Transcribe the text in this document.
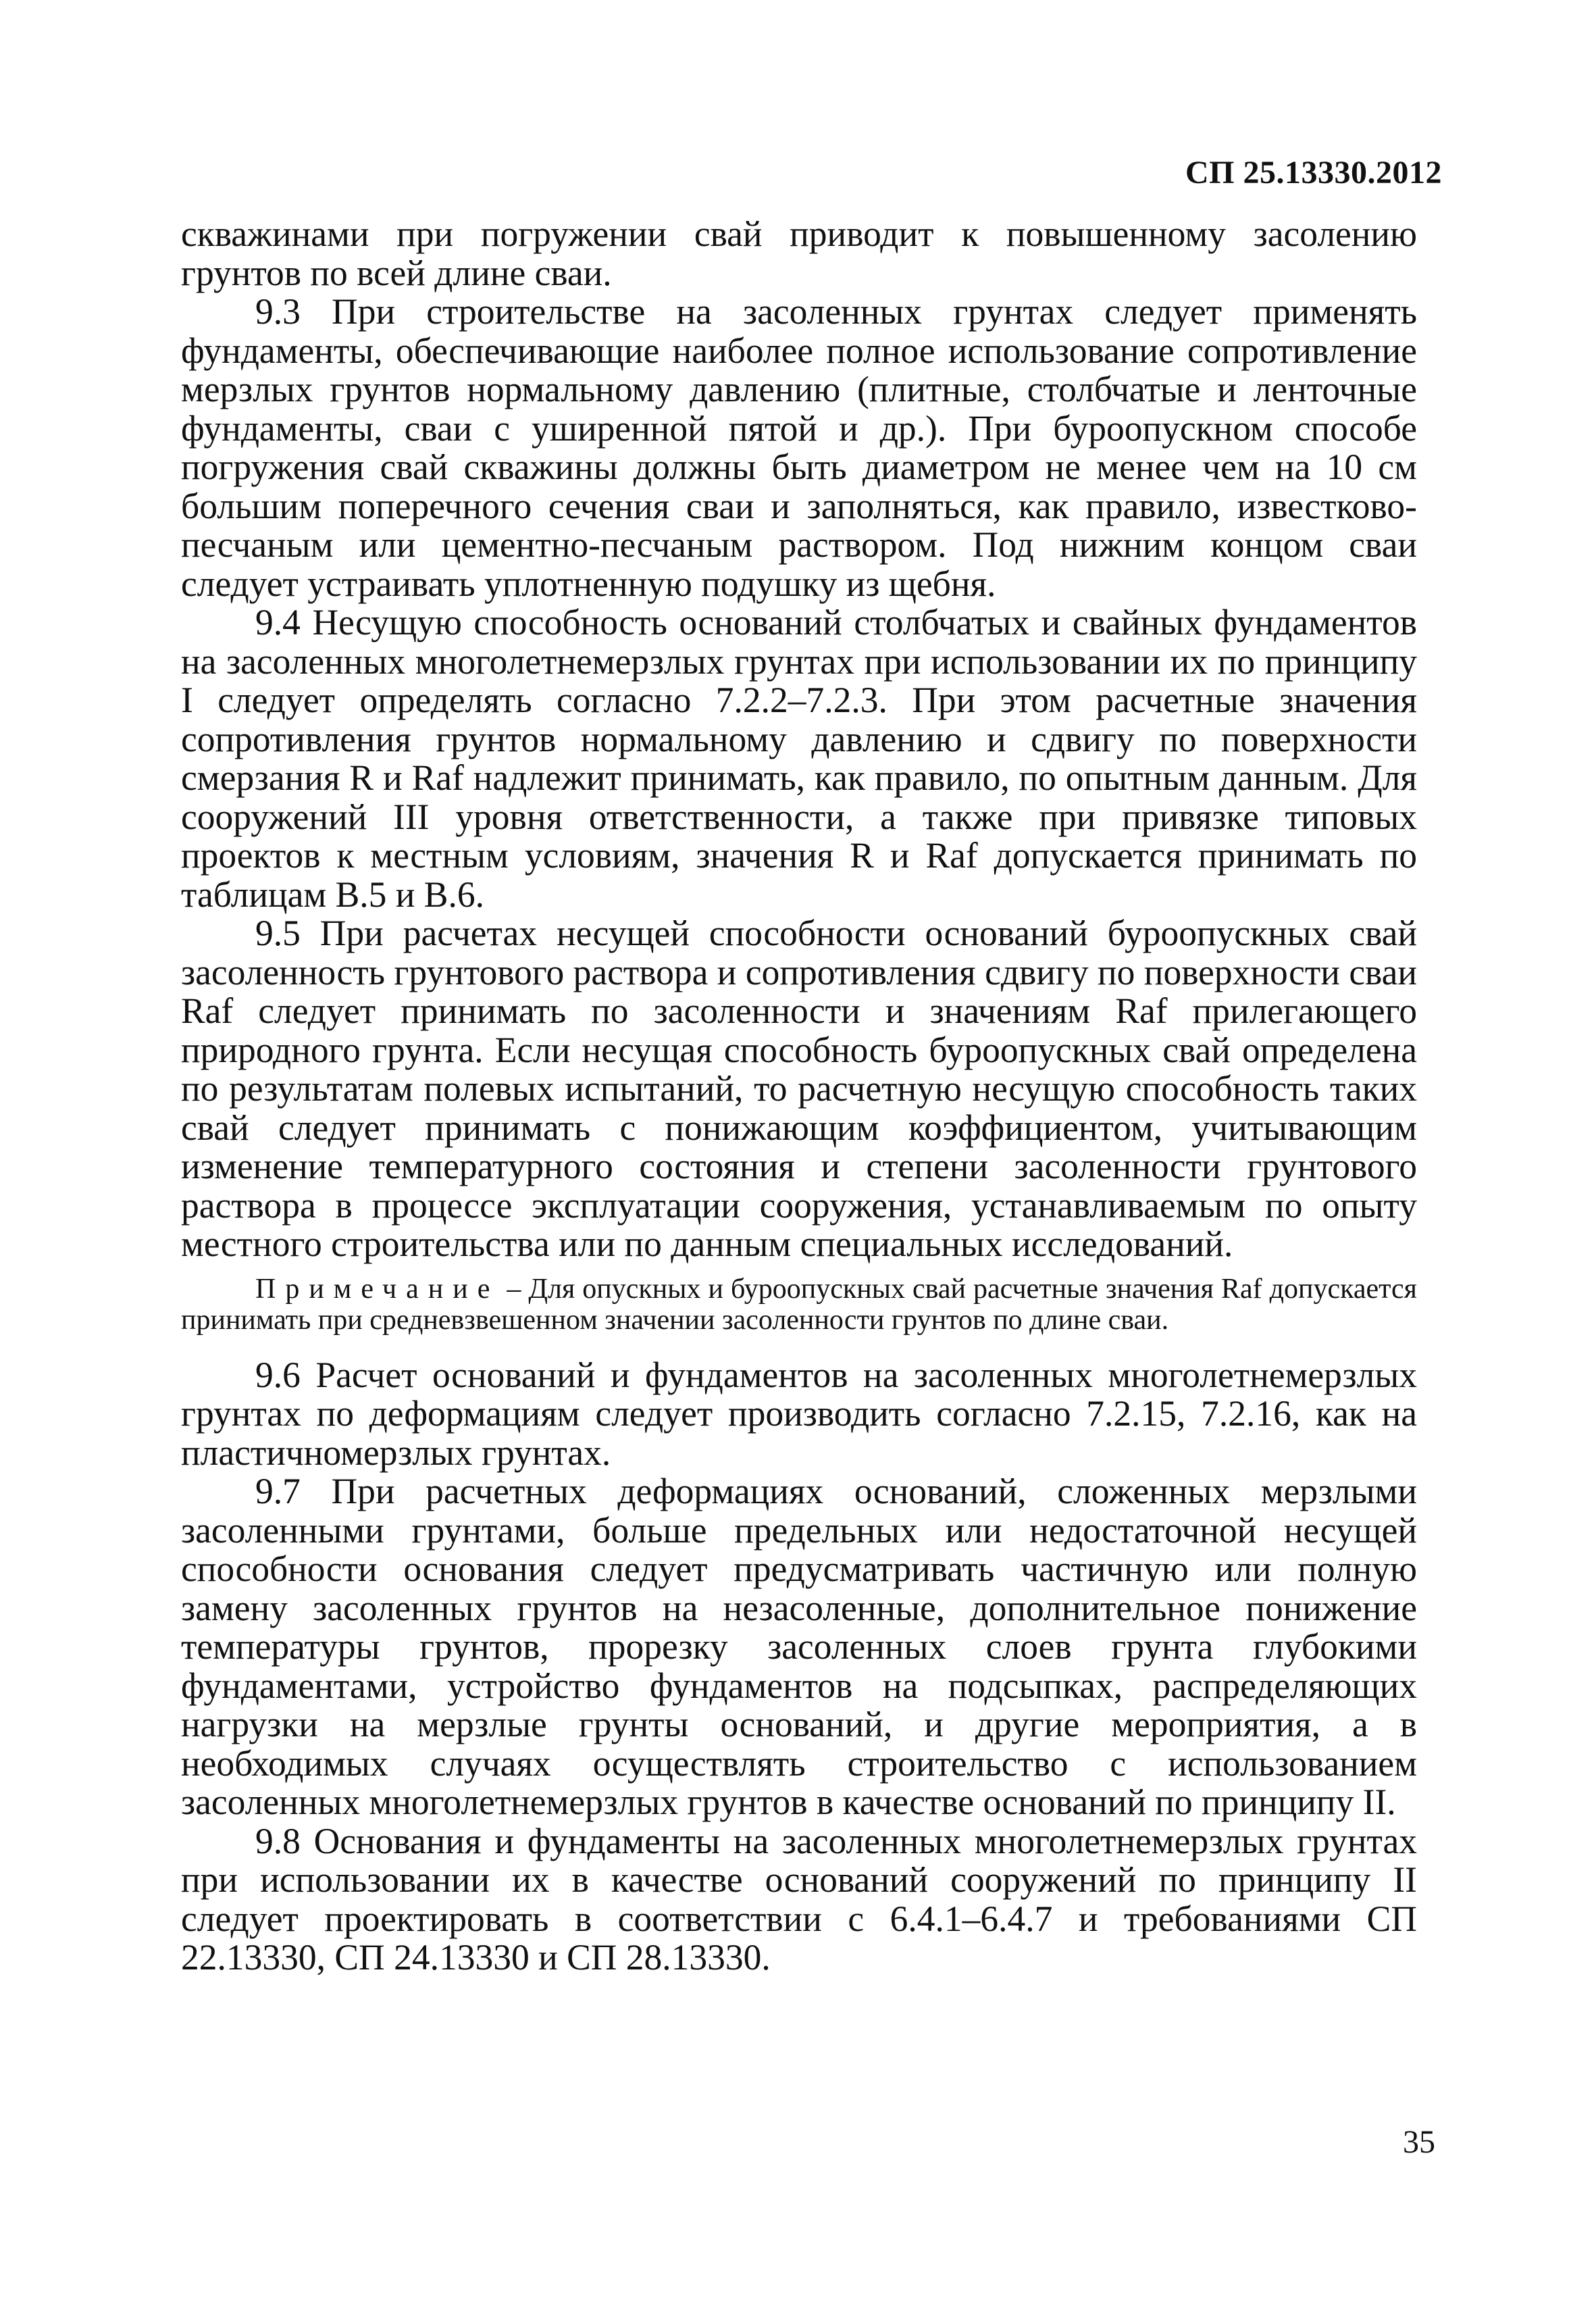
СП 25.13330.2012

скважинами при погружении свай приводит к повышенному засолению грунтов по всей длине сваи.

9.3 При строительстве на засоленных грунтах следует применять фундаменты, обеспечивающие наиболее полное использование сопротивление мерзлых грунтов нормальному давлению (плитные, столбчатые и ленточные фундаменты, сваи с уширенной пятой и др.). При буроопускном способе погружения свай скважины должны быть диаметром не менее чем на 10 см большим поперечного сечения сваи и заполняться, как правило, известково-песчаным или цементно-песчаным раствором. Под нижним концом сваи следует устраивать уплотненную подушку из щебня.

9.4 Несущую способность оснований столбчатых и свайных фундаментов на засоленных многолетнемерзлых грунтах при использовании их по принципу I следует определять согласно 7.2.2–7.2.3. При этом расчетные значения сопротивления грунтов нормальному давлению и сдвигу по поверхности смерзания R и Raf надлежит принимать, как правило, по опытным данным. Для сооружений III уровня ответственности, а также при привязке типовых проектов к местным условиям, значения R и Raf допускается принимать по таблицам В.5 и В.6.

9.5 При расчетах несущей способности оснований буроопускных свай засоленность грунтового раствора и сопротивления сдвигу по поверхности сваи Raf следует принимать по засоленности и значениям Raf прилегающего природного грунта. Если несущая способность буроопускных свай определена по результатам полевых испытаний, то расчетную несущую способность таких свай следует принимать с понижающим коэффициентом, учитывающим изменение температурного состояния и степени засоленности грунтового раствора в процессе эксплуатации сооружения, устанавливаемым по опыту местного строительства или по данным специальных исследований.

Примечание – Для опускных и буроопускных свай расчетные значения Raf допускается принимать при средневзвешенном значении засоленности грунтов по длине сваи.

9.6 Расчет оснований и фундаментов на засоленных многолетнемерзлых грунтах по деформациям следует производить согласно 7.2.15, 7.2.16, как на пластичномерзлых грунтах.

9.7 При расчетных деформациях оснований, сложенных мерзлыми засоленными грунтами, больше предельных или недостаточной несущей способности основания следует предусматривать частичную или полную замену засоленных грунтов на незасоленные, дополнительное понижение температуры грунтов, прорезку засоленных слоев грунта глубокими фундаментами, устройство фундаментов на подсыпках, распределяющих нагрузки на мерзлые грунты оснований, и другие мероприятия, а в необходимых случаях осуществлять строительство с использованием засоленных многолетнемерзлых грунтов в качестве оснований по принципу II.

9.8 Основания и фундаменты на засоленных многолетнемерзлых грунтах при использовании их в качестве оснований сооружений по принципу II следует проектировать в соответствии с 6.4.1–6.4.7 и требованиями СП 22.13330, СП 24.13330 и СП 28.13330.

35
